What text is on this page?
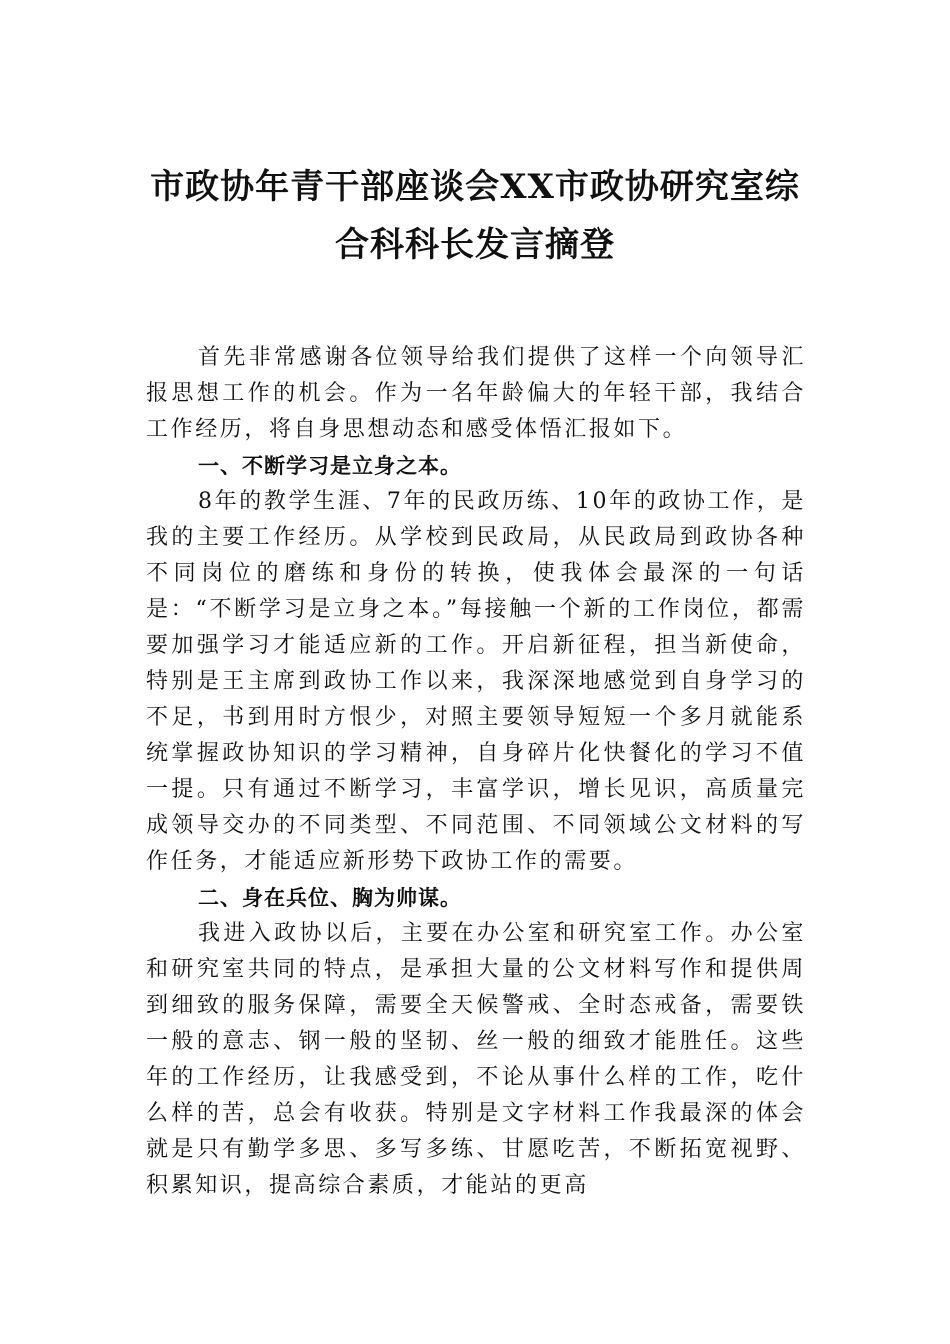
市政协年青干部座谈会XX市政协研究室综
合科科长发言摘登

首先非常感谢各位领导给我们提供了这样一个向领导汇报思想工作的机会。作为一名年龄偏大的年轻干部，我结合工作经历，将自身思想动态和感受体悟汇报如下。

一、不断学习是立身之本。

8年的教学生涯、7年的民政历练、10年的政协工作，是我的主要工作经历。从学校到民政局，从民政局到政协各种不同岗位的磨练和身份的转换，使我体会最深的一句话是：“不断学习是立身之本。”每接触一个新的工作岗位，都需要加强学习才能适应新的工作。开启新征程，担当新使命，特别是王主席到政协工作以来，我深深地感觉到自身学习的不足，书到用时方恨少，对照主要领导短短一个多月就能系统掌握政协知识的学习精神，自身碎片化快餐化的学习不值一提。只有通过不断学习，丰富学识，增长见识，高质量完成领导交办的不同类型、不同范围、不同领域公文材料的写作任务，才能适应新形势下政协工作的需要。

二、身在兵位、胸为帅谋。

我进入政协以后，主要在办公室和研究室工作。办公室和研究室共同的特点，是承担大量的公文材料写作和提供周到细致的服务保障，需要全天候警戒、全时态戒备，需要铁一般的意志、钢一般的坚韧、丝一般的细致才能胜任。这些年的工作经历，让我感受到，不论从事什么样的工作，吃什么样的苦，总会有收获。特别是文字材料工作我最深的体会就是只有勤学多思、多写多练、甘愿吃苦，不断拓宽视野、积累知识，提高综合素质，才能站的更高
